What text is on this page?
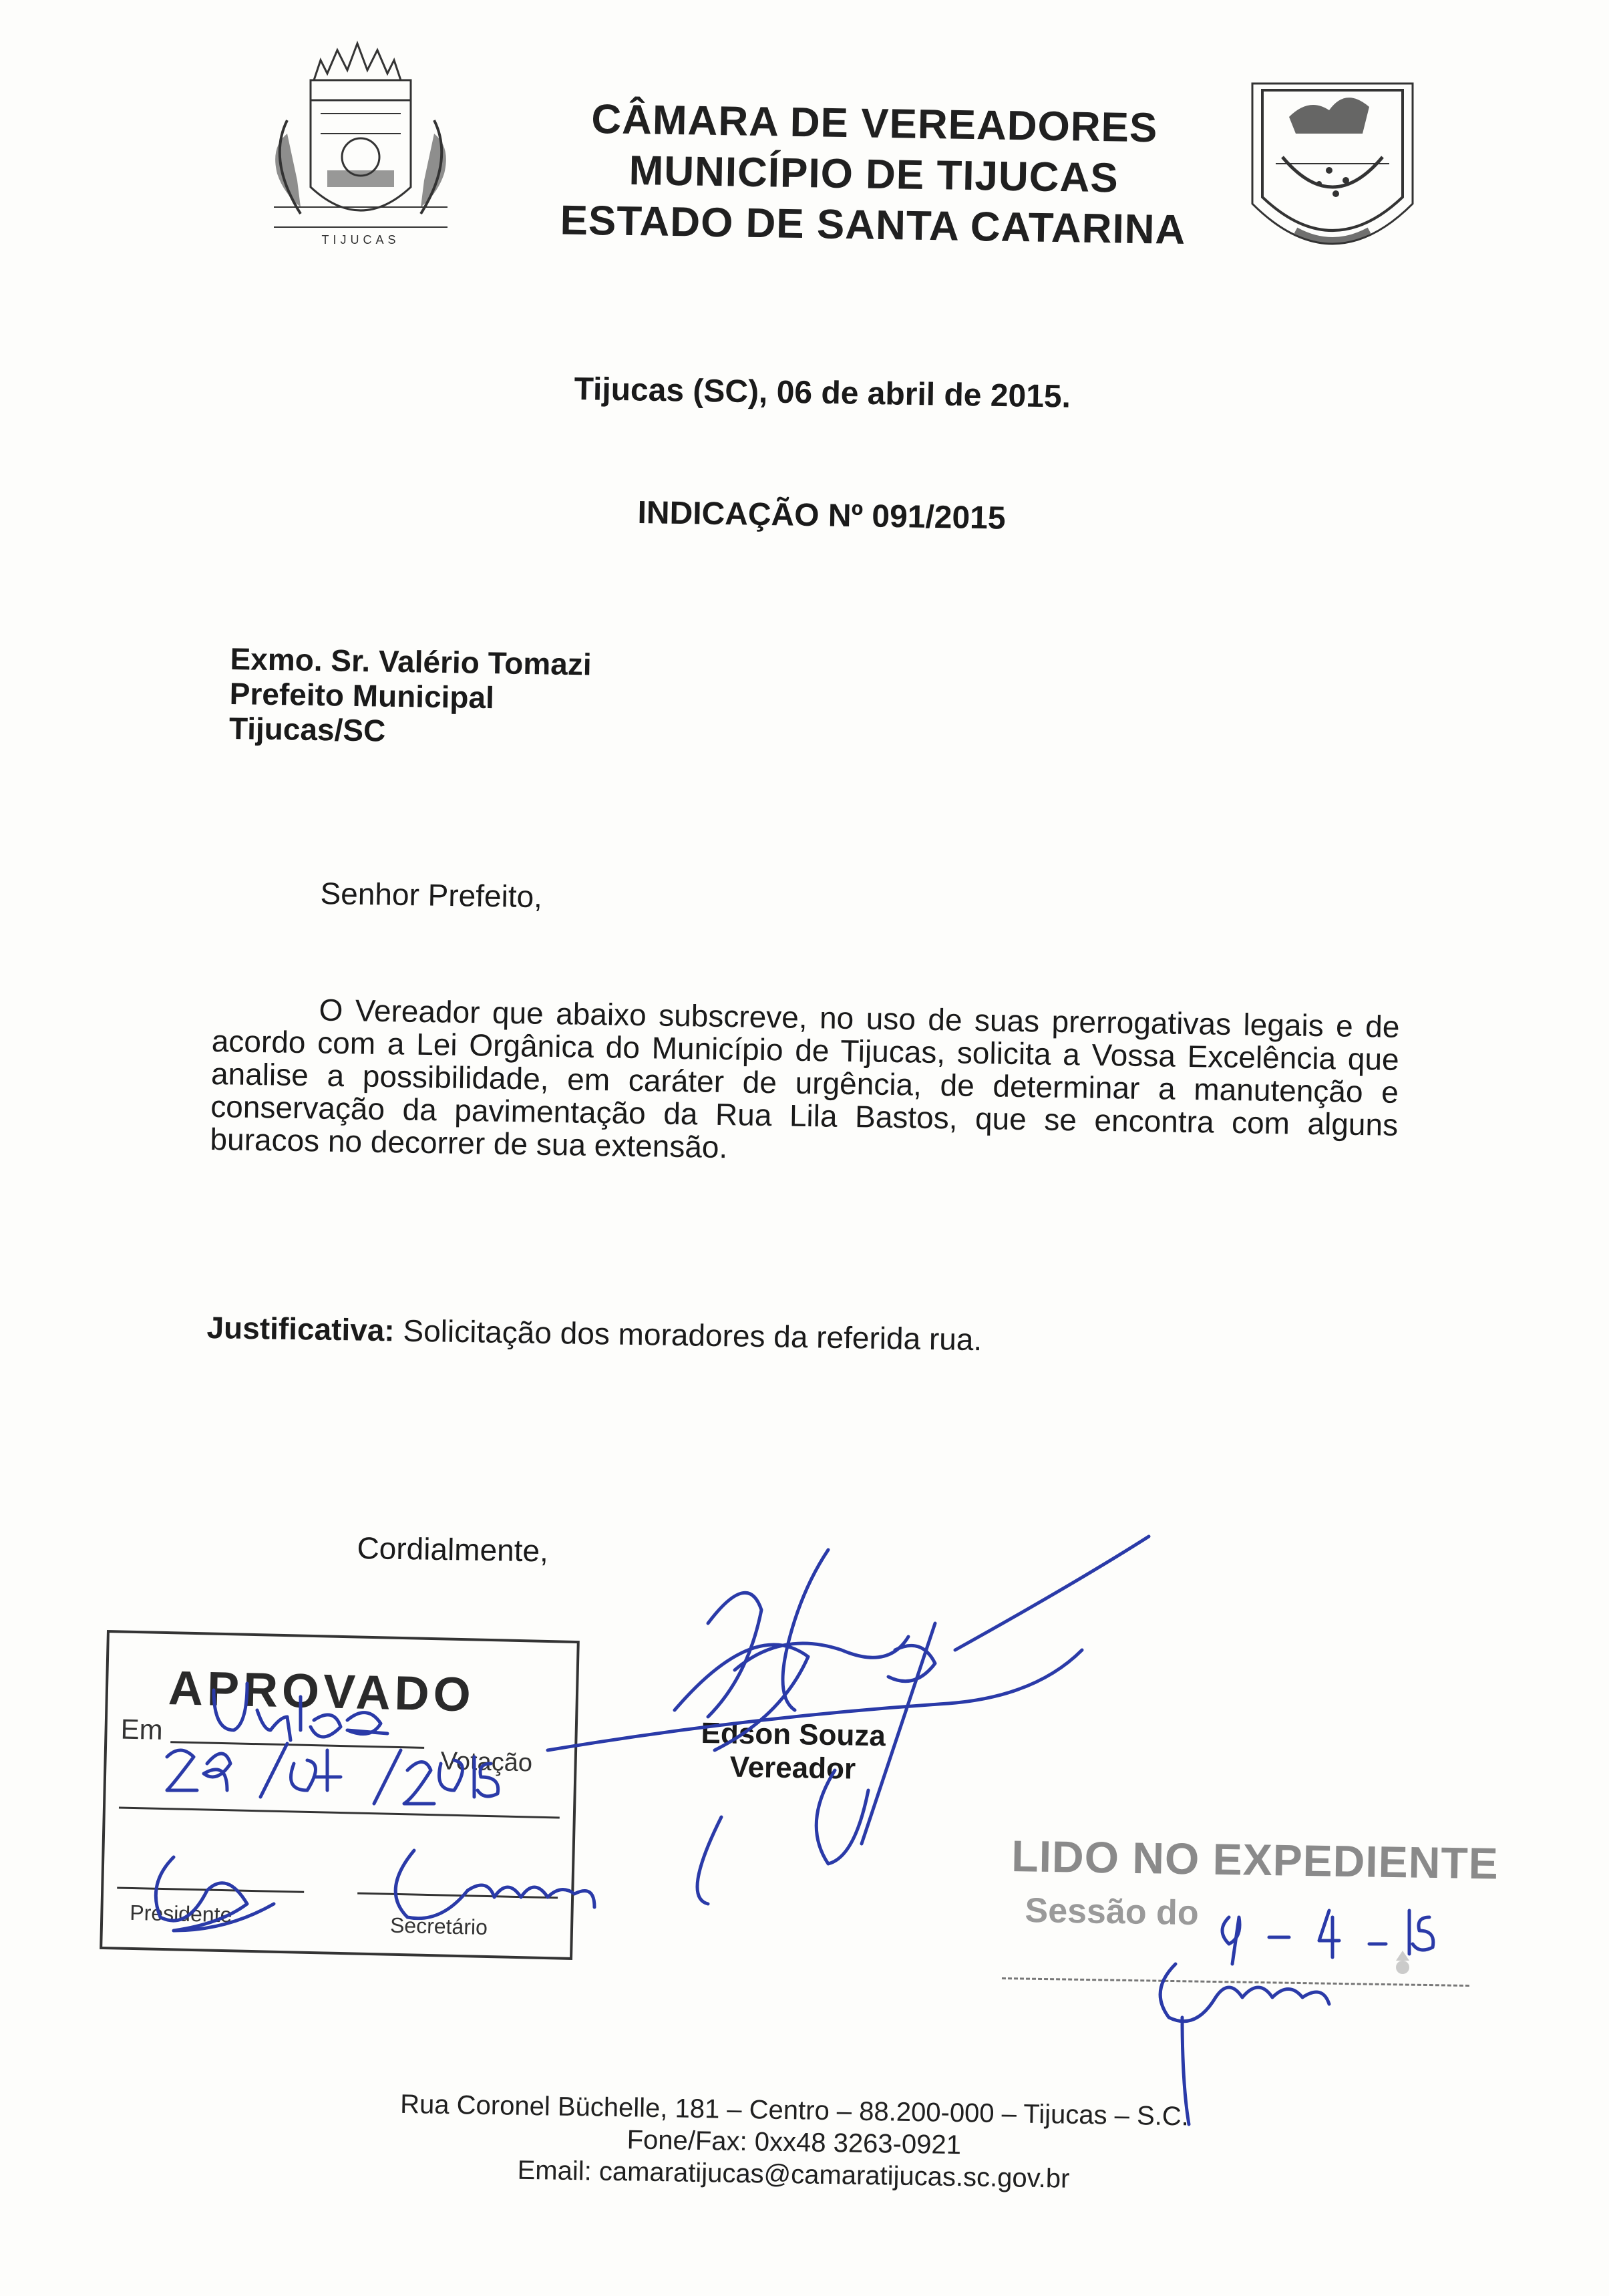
TIJUCAS
CÂMARA DE VEREADORES
MUNICÍPIO DE TIJUCAS
ESTADO DE SANTA CATARINA
Tijucas (SC), 06 de abril de 2015.
INDICAÇÃO Nº 091/2015
Exmo. Sr. Valério Tomazi
Prefeito Municipal
Tijucas/SC
Senhor Prefeito,

O Vereador que abaixo subscreve, no uso de suas prerrogativas legais e de acordo com a Lei Orgânica do Município de Tijucas, solicita a Vossa Excelência que analise a possibilidade, em caráter de urgência, de determinar a manutenção e conservação da pavimentação da Rua Lila Bastos, que se encontra com alguns buracos no decorrer de sua extensão.

Justificativa: Solicitação dos moradores da referida rua.
Cordialmente,
APROVADO
Em
Votação
Presidente	Secretário
Edson Souza
Vereador
LIDO NO EXPEDIENTE
Sessão do
Rua Coronel Büchelle, 181 – Centro – 88.200-000 – Tijucas – S.C.
Fone/Fax: 0xx48 3263-0921
Email: camaratijucas@camaratijucas.sc.gov.br
